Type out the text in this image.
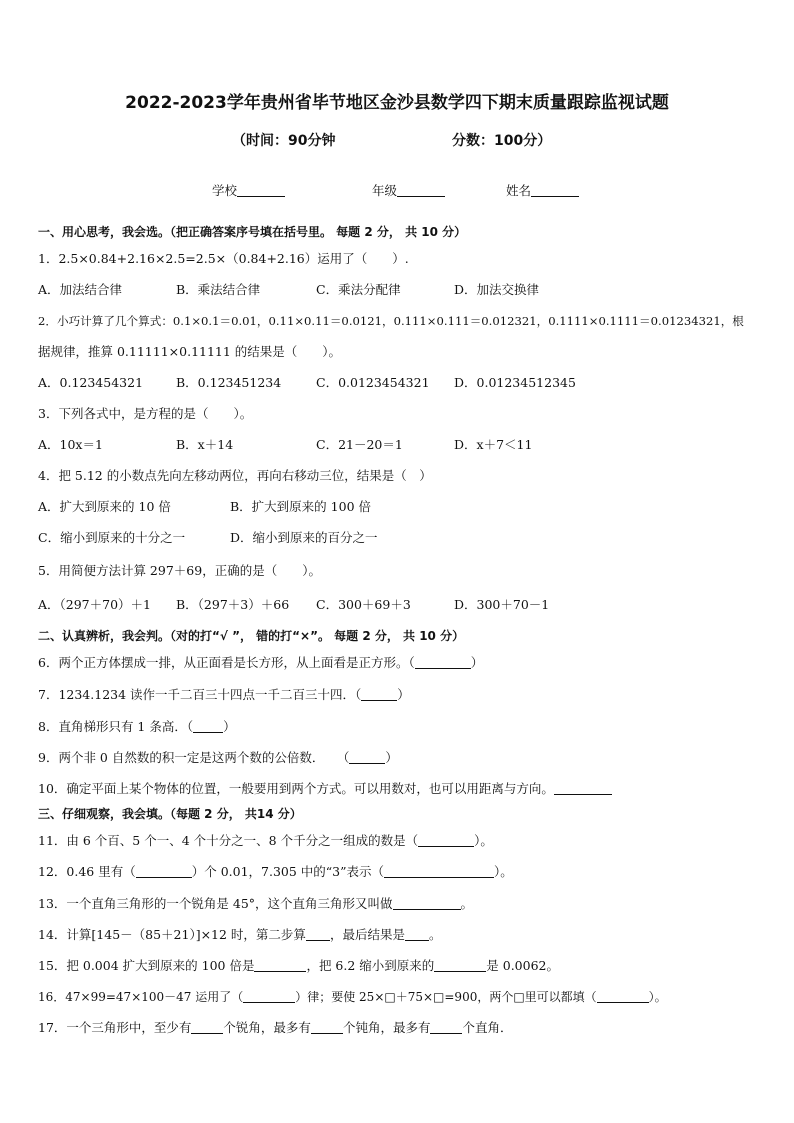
2022-2023学年贵州省毕节地区金沙县数学四下期末质量跟踪监视试题
（时间：90分钟	分数：100分）
学校	年级	姓名
一、用心思考，我会选。（把正确答案序号填在括号里。 每题 2 分， 共 10 分）
1．2.5×0.84+2.16×2.5=2.5×（0.84+2.16）运用了（　　）.
A．加法结合律	B．乘法结合律	C．乘法分配律	D．加法交换律
2．小巧计算了几个算式：0.1×0.1＝0.01，0.11×0.11＝0.0121，0.111×0.111＝0.012321，0.1111×0.1111＝0.01234321，根
据规律，推算 0.11111×0.11111 的结果是（　　）。
A．0.123454321	B．0.123451234	C．0.0123454321 D．0.01234512345
3．下列各式中，是方程的是（　　）。
A．10x＝1	B．x＋14	C．21－20＝1	D．x＋7＜11
4．把 5.12 的小数点先向左移动两位，再向右移动三位，结果是（　）
A．扩大到原来的 10 倍	B．扩大到原来的 100 倍
C．缩小到原来的十分之一	D．缩小到原来的百分之一
5．用简便方法计算 297＋69，正确的是（　　）。
A．（297＋70）＋1 B．（297＋3）＋66 C．300＋69＋3	D．300＋70－1
二、认真辨析，我会判。（对的打“√ ”， 错的打“×”。 每题 2 分， 共 10 分）
6．两个正方体摆成一排，从正面看是长方形，从上面看是正方形。（	）
7．1234.1234 读作一千二百三十四点一千二百三十四．（	）
8．直角梯形只有 1 条高．（ ）
9．两个非 0 自然数的积一定是这两个数的公倍数．　　（	）
10．确定平面上某个物体的位置，一般要用到两个方式。可以用数对，也可以用距离与方向。
三、仔细观察，我会填。（每题 2 分， 共14 分）
11．由 6 个百、5 个一、4 个十分之一、8 个千分之一组成的数是（	）。
12．0.46 里有（	）个 0.01，7.305 中的“3”表示（	）。
13．一个直角三角形的一个锐角是 45°，这个直角三角形又叫做	。
14．计算[145－（85＋21）]×12 时，第二步算 ，最后结果是 。
15．把 0.004 扩大到原来的 100 倍是	，把 6.2 缩小到原来的	是 0.0062。
16．47×99=47×100－47 运用了（	）律；要使 25×□＋75×□=900，两个□里可以都填（	）。
17．一个三角形中，至少有	个锐角，最多有	个钝角，最多有	个直角．
